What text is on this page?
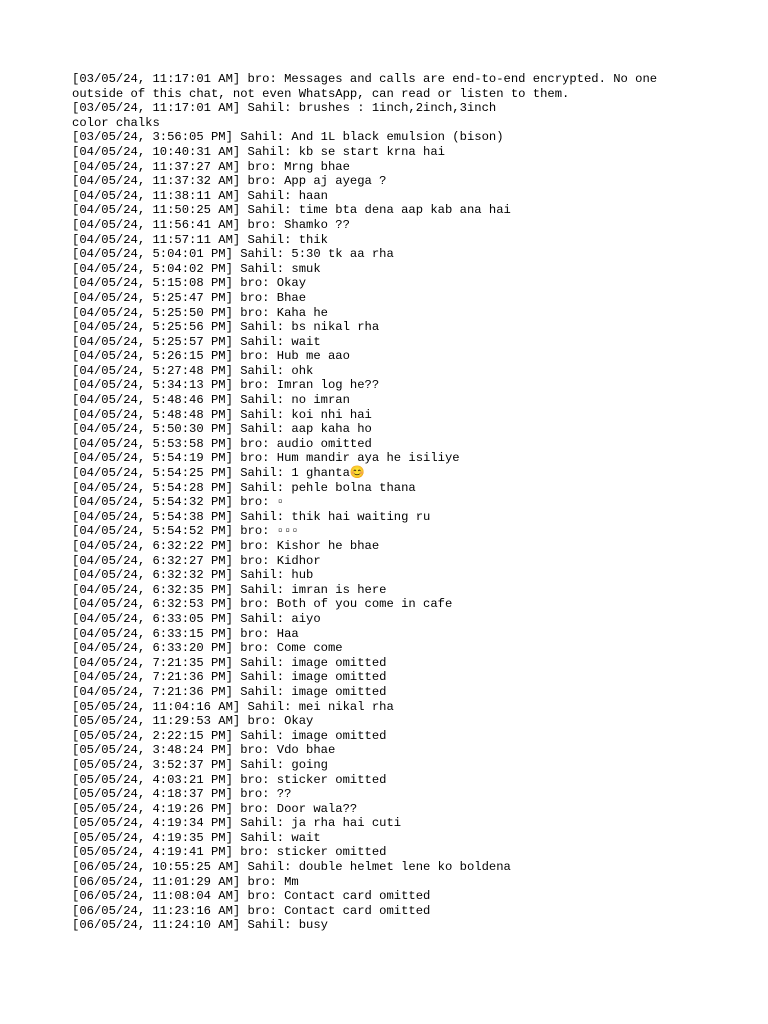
[03/05/24, 11:17:01 AM] bro: Messages and calls are end-to-end encrypted. No one
outside of this chat, not even WhatsApp, can read or listen to them.
[03/05/24, 11:17:01 AM] Sahil: brushes : 1inch,2inch,3inch
color chalks
[03/05/24, 3:56:05 PM] Sahil: And 1L black emulsion (bison)
[04/05/24, 10:40:31 AM] Sahil: kb se start krna hai
[04/05/24, 11:37:27 AM] bro: Mrng bhae
[04/05/24, 11:37:32 AM] bro: App aj ayega ?
[04/05/24, 11:38:11 AM] Sahil: haan
[04/05/24, 11:50:25 AM] Sahil: time bta dena aap kab ana hai
[04/05/24, 11:56:41 AM] bro: Shamko ??
[04/05/24, 11:57:11 AM] Sahil: thik
[04/05/24, 5:04:01 PM] Sahil: 5:30 tk aa rha
[04/05/24, 5:04:02 PM] Sahil: smuk
[04/05/24, 5:15:08 PM] bro: Okay
[04/05/24, 5:25:47 PM] bro: Bhae
[04/05/24, 5:25:50 PM] bro: Kaha he
[04/05/24, 5:25:56 PM] Sahil: bs nikal rha
[04/05/24, 5:25:57 PM] Sahil: wait
[04/05/24, 5:26:15 PM] bro: Hub me aao
[04/05/24, 5:27:48 PM] Sahil: ohk
[04/05/24, 5:34:13 PM] bro: Imran log he??
[04/05/24, 5:48:46 PM] Sahil: no imran
[04/05/24, 5:48:48 PM] Sahil: koi nhi hai
[04/05/24, 5:50:30 PM] Sahil: aap kaha ho
[04/05/24, 5:53:58 PM] bro: audio omitted
[04/05/24, 5:54:19 PM] bro: Hum mandir aya he isiliye
[04/05/24, 5:54:25 PM] Sahil: 1 ghanta😊
[04/05/24, 5:54:28 PM] Sahil: pehle bolna thana
[04/05/24, 5:54:32 PM] bro: ▫
[04/05/24, 5:54:38 PM] Sahil: thik hai waiting ru
[04/05/24, 5:54:52 PM] bro: ▫▫▫
[04/05/24, 6:32:22 PM] bro: Kishor he bhae
[04/05/24, 6:32:27 PM] bro: Kidhor
[04/05/24, 6:32:32 PM] Sahil: hub
[04/05/24, 6:32:35 PM] Sahil: imran is here
[04/05/24, 6:32:53 PM] bro: Both of you come in cafe
[04/05/24, 6:33:05 PM] Sahil: aiyo
[04/05/24, 6:33:15 PM] bro: Haa
[04/05/24, 6:33:20 PM] bro: Come come
[04/05/24, 7:21:35 PM] Sahil: image omitted
[04/05/24, 7:21:36 PM] Sahil: image omitted
[04/05/24, 7:21:36 PM] Sahil: image omitted
[05/05/24, 11:04:16 AM] Sahil: mei nikal rha
[05/05/24, 11:29:53 AM] bro: Okay
[05/05/24, 2:22:15 PM] Sahil: image omitted
[05/05/24, 3:48:24 PM] bro: Vdo bhae
[05/05/24, 3:52:37 PM] Sahil: going
[05/05/24, 4:03:21 PM] bro: sticker omitted
[05/05/24, 4:18:37 PM] bro: ??
[05/05/24, 4:19:26 PM] bro: Door wala??
[05/05/24, 4:19:34 PM] Sahil: ja rha hai cuti
[05/05/24, 4:19:35 PM] Sahil: wait
[05/05/24, 4:19:41 PM] bro: sticker omitted
[06/05/24, 10:55:25 AM] Sahil: double helmet lene ko boldena
[06/05/24, 11:01:29 AM] bro: Mm
[06/05/24, 11:08:04 AM] bro: Contact card omitted
[06/05/24, 11:23:16 AM] bro: Contact card omitted
[06/05/24, 11:24:10 AM] Sahil: busy
